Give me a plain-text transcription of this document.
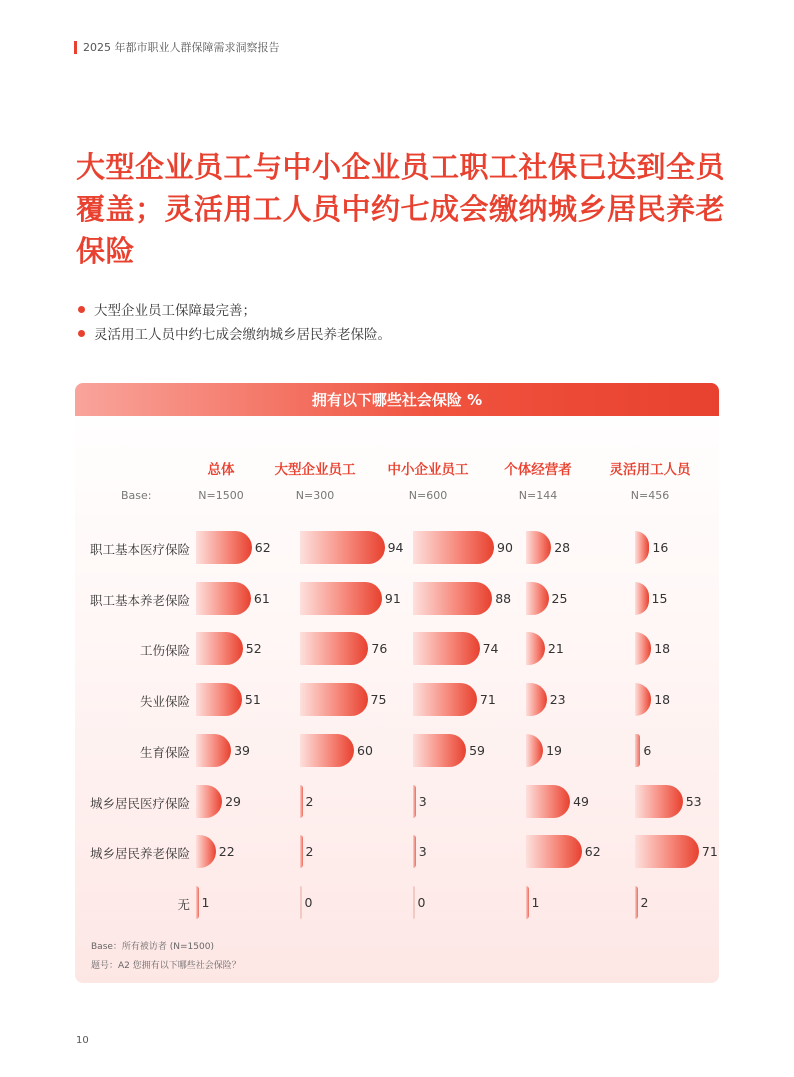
2025 年都市职业人群保障需求洞察报告
大型企业员工与中小企业员工职工社保已达到全员覆盖；灵活用工人员中约七成会缴纳城乡居民养老保险
大型企业员工保障最完善；
灵活用工人员中约七成会缴纳城乡居民养老保险。
拥有以下哪些社会保险 %
Base:
Base：所有被访者 (N=1500)
题号：A2 您拥有以下哪些社会保险？
总体
N=1500
大型企业员工
N=300
中小企业员工
N=600
个体经营者
N=144
灵活用工人员
N=456
职工基本医疗保险	62	94	90	28	16
职工基本养老保险	61	91	88	25	15
工伤保险	52	76	74	21	18
失业保险	51	75	71	23	18
生育保险	39	60	59	19	6
城乡居民医疗保险	29	2	3	49	53
城乡居民养老保险 22	2	3	62	71
无 1	0	0	1	2
10
